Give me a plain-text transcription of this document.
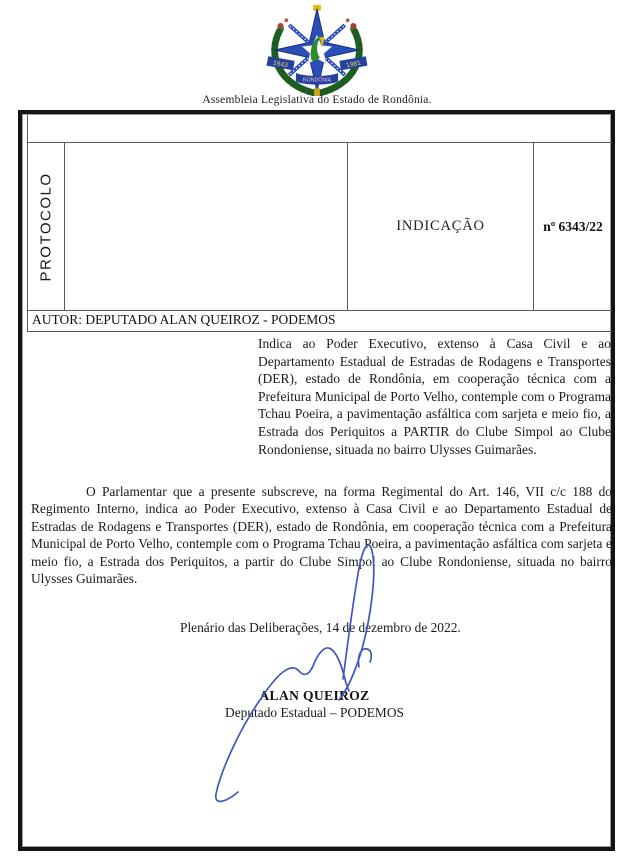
1943	1981
RONDÔNIA
Assembleia Legislativa do Estado de Rondônia.
PROTOCOLO	INDICAÇÃO	nº 6343/22
AUTOR: DEPUTADO ALAN QUEIROZ - PODEMOS
Indica ao Poder Executivo, extenso à Casa Civil e ao Departamento Estadual de Estradas de Rodagens e Transportes (DER), estado de Rondônia, em cooperação técnica com a Prefeitura Municipal de Porto Velho, contemple com o Programa Tchau Poeira, a pavimentação asfáltica com sarjeta e meio fio, a Estrada dos Periquitos a PARTIR do Clube Simpol ao Clube Rondoniense, situada no bairro Ulysses Guimarães.
O Parlamentar que a presente subscreve, na forma Regimental do Art. 146, VII c/c 188 do Regimento Interno, indica ao Poder Executivo, extenso à Casa Civil e ao Departamento Estadual de Estradas de Rodagens e Transportes (DER), estado de Rondônia, em cooperação técnica com a Prefeitura Municipal de Porto Velho, contemple com o Programa Tchau Poeira, a pavimentação asfáltica com sarjeta e meio fio, a Estrada dos Periquitos, a partir do Clube Simpol ao Clube Rondoniense, situada no bairro Ulysses Guimarães.
Plenário das Deliberações, 14 de dezembro de 2022.
ALAN QUEIROZ
Deputado Estadual – PODEMOS
